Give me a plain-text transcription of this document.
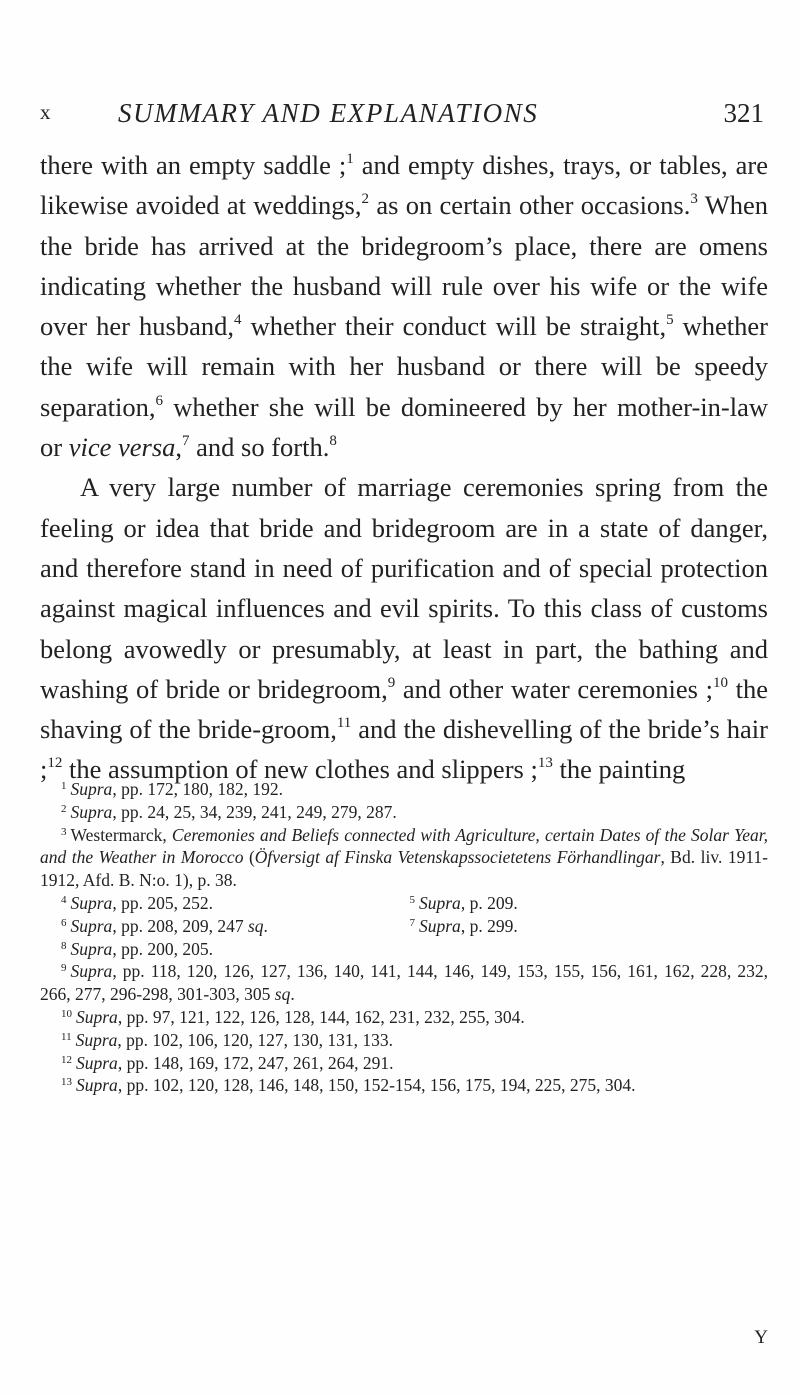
x SUMMARY AND EXPLANATIONS	321

there with an empty saddle ;$^1$ and empty dishes, trays, or tables, are likewise avoided at weddings,$^2$ as on certain other occasions.$^3$ When the bride has arrived at the bridegroom’s place, there are omens indicating whether the husband will rule over his wife or the wife over her husband,$^4$ whether their conduct will be straight,$^5$ whether the wife will remain with her husband or there will be speedy separation,$^6$ whether she will be domineered by her mother-in-law or vice versa,$^7$ and so forth.$^8$

A very large number of marriage ceremonies spring from the feeling or idea that bride and bridegroom are in a state of danger, and therefore stand in need of purification and of special protection against magical influences and evil spirits. To this class of customs belong avowedly or presumably, at least in part, the bathing and washing of bride or bridegroom,$^9$ and other water ceremonies ;$^{10}$ the shaving of the bride-groom,$^{11}$ and the dishevelling of the bride’s hair ;$^{12}$ the assumption of new clothes and slippers ;$^{13}$ the painting

$^1$ Supra, pp. 172, 180, 182, 192.

$^2$ Supra, pp. 24, 25, 34, 239, 241, 249, 279, 287.

$^3$ Westermarck, Ceremonies and Beliefs connected with Agriculture, certain Dates of the Solar Year, and the Weather in Morocco (Öfversigt af Finska Vetenskapssocietetens Förhandlingar, Bd. liv. 1911-1912, Afd. B. N:o. 1), p. 38.

$^4$ Supra, pp. 205, 252.	$^5$ Supra, p. 209.

$^6$ Supra, pp. 208, 209, 247 sq.	$^7$ Supra, p. 299.

$^8$ Supra, pp. 200, 205.

$^9$ Supra, pp. 118, 120, 126, 127, 136, 140, 141, 144, 146, 149, 153, 155, 156, 161, 162, 228, 232, 266, 277, 296-298, 301-303, 305 sq.

$^{10}$ Supra, pp. 97, 121, 122, 126, 128, 144, 162, 231, 232, 255, 304.

$^{11}$ Supra, pp. 102, 106, 120, 127, 130, 131, 133.

$^{12}$ Supra, pp. 148, 169, 172, 247, 261, 264, 291.

$^{13}$ Supra, pp. 102, 120, 128, 146, 148, 150, 152-154, 156, 175, 194, 225, 275, 304.

Y
